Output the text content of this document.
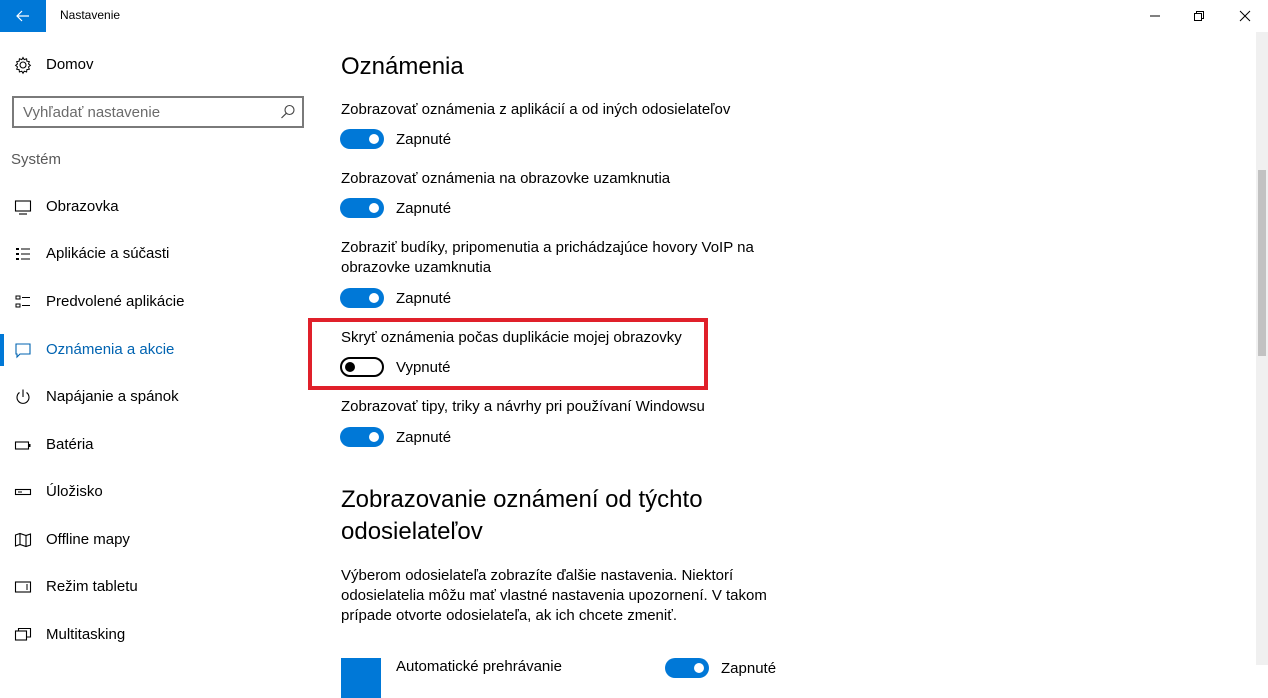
Nastavenie
Domov
Vyhľadať nastavenie
Systém
Obrazovka
Aplikácie a súčasti
Predvolené aplikácie
Oznámenia a akcie
Napájanie a spánok
Batéria
Úložisko
Offline mapy
Režim tabletu
Multitasking
Oznámenia
Zobrazovať oznámenia z aplikácií a od iných odosielateľov
Zapnuté
Zobrazovať oznámenia na obrazovke uzamknutia
Zapnuté
Zobraziť budíky, pripomenutia a prichádzajúce hovory VoIP na obrazovke uzamknutia
Zapnuté
Skryť oznámenia počas duplikácie mojej obrazovky
Vypnuté
Zobrazovať tipy, triky a návrhy pri používaní Windowsu
Zapnuté
Zobrazovanie oznámení od týchto odosielateľov

Výberom odosielateľa zobrazíte ďalšie nastavenia. Niektorí odosielatelia môžu mať vlastné nastavenia upozornení. V takom prípade otvorte odosielateľa, ak ich chcete zmeniť.

Automatické prehrávanie	Zapnuté
